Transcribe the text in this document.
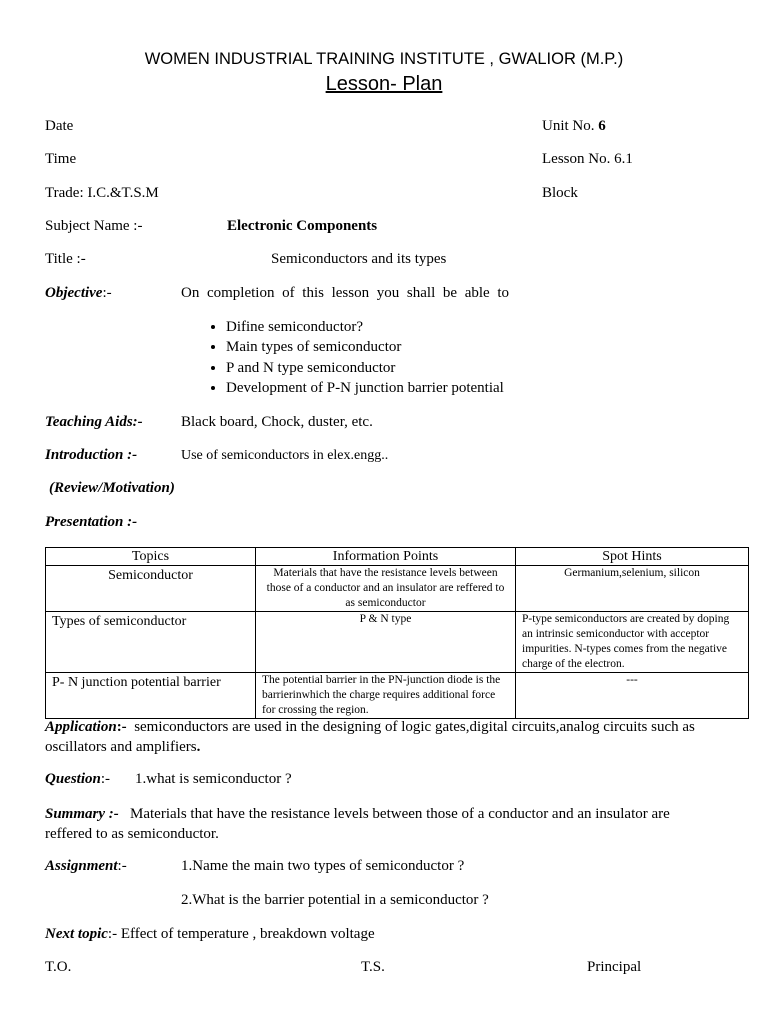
WOMEN INDUSTRIAL TRAINING INSTITUTE , GWALIOR (M.P.)
Lesson- Plan
Date
Time
Trade: I.C.&T.S.M
Subject Name :-	Electronic Components
Title :-	Semiconductors and its types
Unit No. 6
Lesson No. 6.1
Block
Objective:-	On completion of this lesson you shall be able to
• Difine semiconductor?
• Main types of semiconductor
• P and N type semiconductor
• Development of P-N junction barrier potential
Teaching Aids:-	Black board, Chock, duster, etc.
Introduction :-	Use of semiconductors in elex.engg..
(Review/Motivation)
Presentation :-
Topics	Information Points	Spot Hints
Semiconductor	Materials that have the resistance levels between those of a conductor and an insulator are reffered to as semiconductor	Germanium,selenium, silicon
Types of semiconductor	P & N type	P-type semiconductors are created by doping an intrinsic semiconductor with acceptor impurities. N-types comes from the negative charge of the electron.
P- N junction potential barrier	The potential barrier in the PN-junction diode is the barrierinwhich the charge requires additional force for crossing the region.	---
Application:- semiconductors are used in the designing of logic gates,digital circuits,analog circuits such as oscillators and amplifiers.
Question:- 1.what is semiconductor ?
Summary :- Materials that have the resistance levels between those of a conductor and an insulator are reffered to as semiconductor.
Assignment:-	1.Name the main two types of semiconductor ?
2.What is the barrier potential in a semiconductor ?
Next topic:- Effect of temperature , breakdown voltage
T.O.	T.S.	Principal
